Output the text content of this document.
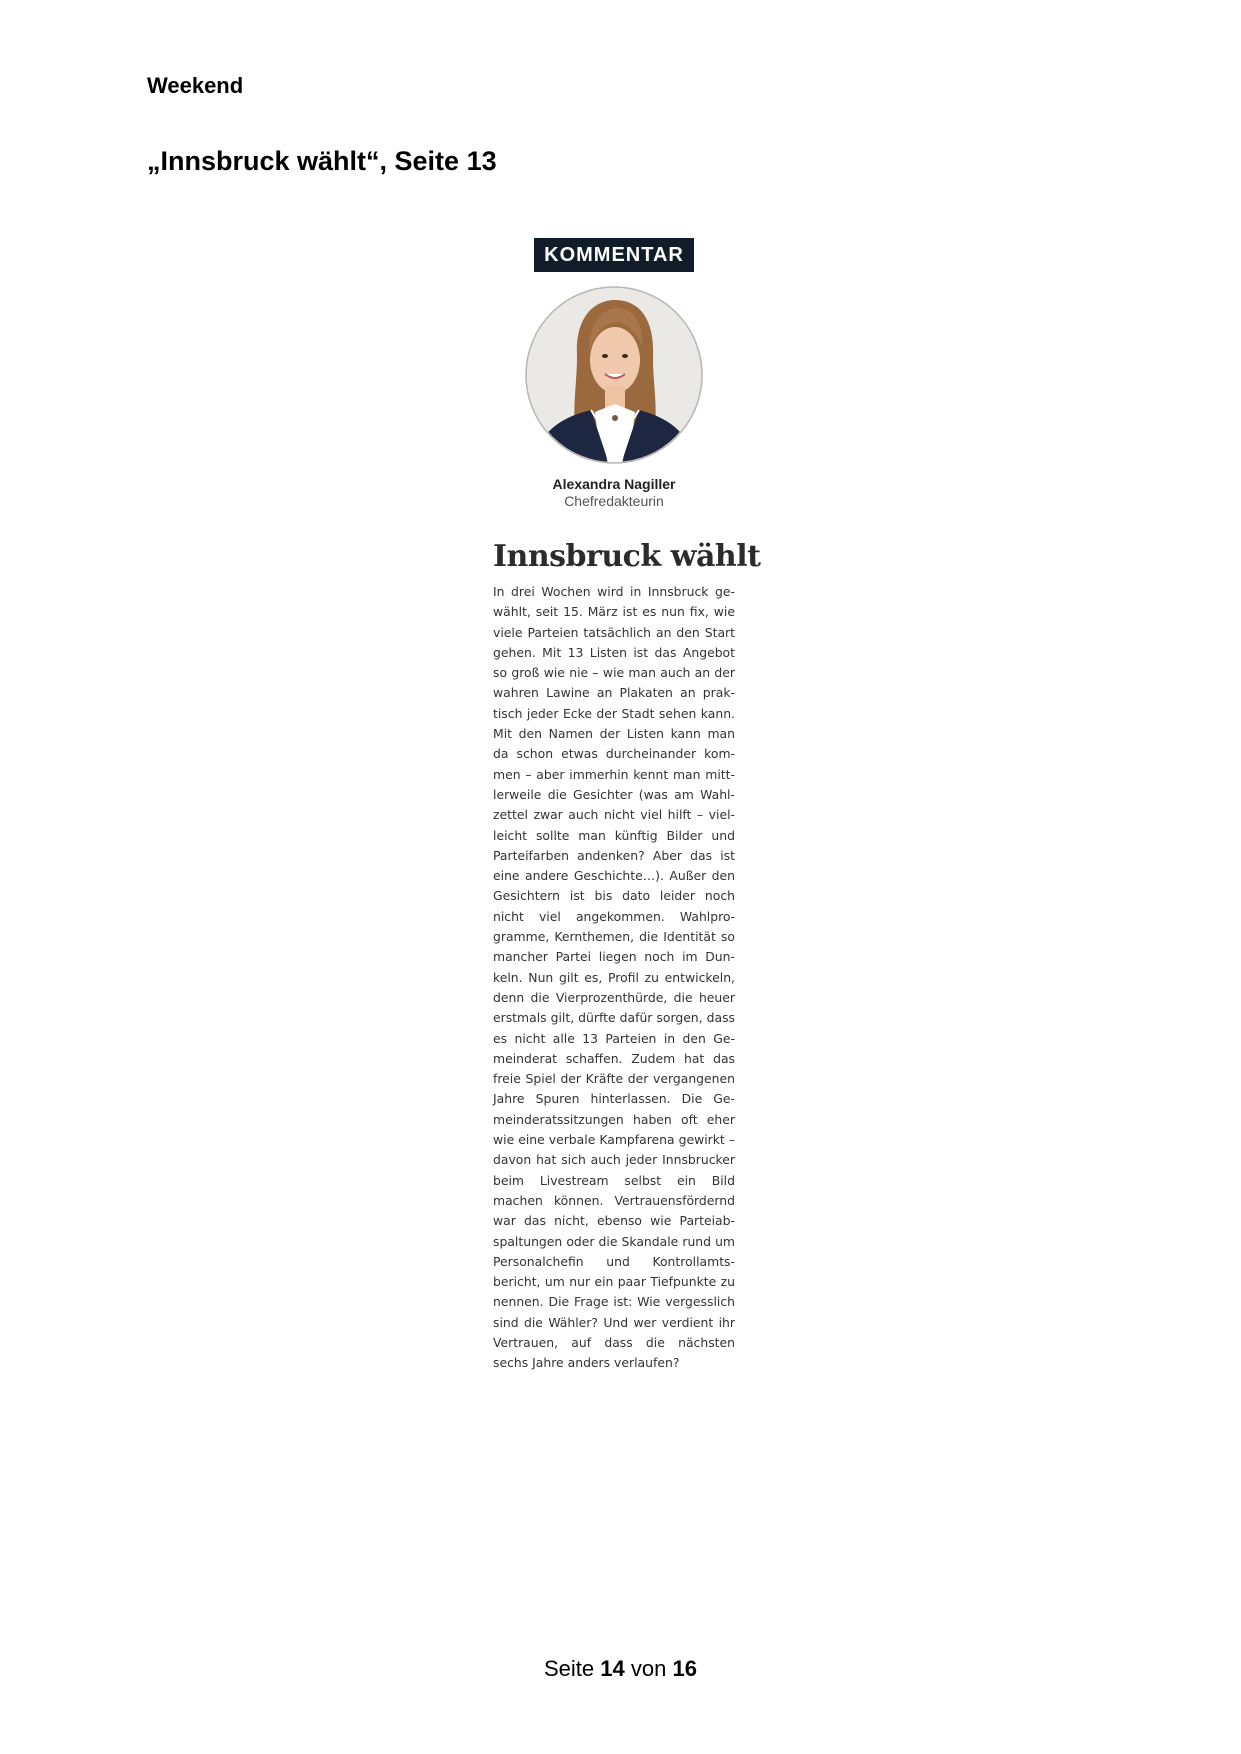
Weekend
„Innsbruck wählt“, Seite 13
KOMMENTAR
Alexandra Nagiller
Chefredakteurin
Innsbruck wählt

In drei Wochen wird in Innsbruck gewählt, seit 15. März ist es nun fix, wie viele Parteien tatsächlich an den Start gehen. Mit 13 Listen ist das Angebot so groß wie nie – wie man auch an der wahren Lawine an Plakaten an praktisch jeder Ecke der Stadt sehen kann. Mit den Namen der Listen kann man da schon etwas durcheinander kommen – aber immerhin kennt man mittlerweile die Gesichter (was am Wahlzettel zwar auch nicht viel hilft – vielleicht sollte man künftig Bilder und Parteifarben andenken? Aber das ist eine andere Geschichte…). Außer den Gesichtern ist bis dato leider noch nicht viel angekommen. Wahlprogramme, Kernthemen, die Identität so mancher Partei liegen noch im Dunkeln. Nun gilt es, Profil zu entwickeln, denn die Vierprozenthürde, die heuer erstmals gilt, dürfte dafür sorgen, dass es nicht alle 13 Parteien in den Gemeinderat schaffen. Zudem hat das freie Spiel der Kräfte der vergangenen Jahre Spuren hinterlassen. Die Gemeinderatssitzungen haben oft eher wie eine verbale Kampfarena gewirkt – davon hat sich auch jeder Innsbrucker beim Livestream selbst ein Bild machen können. Vertrauensfördernd war das nicht, ebenso wie Parteiabspaltungen oder die Skandale rund um Personalchefin und Kontrollamtsbericht, um nur ein paar Tiefpunkte zu nennen. Die Frage ist: Wie vergesslich sind die Wähler? Und wer verdient ihr Vertrauen, auf dass die nächsten sechs Jahre anders verlaufen?

Seite 14 von 16
